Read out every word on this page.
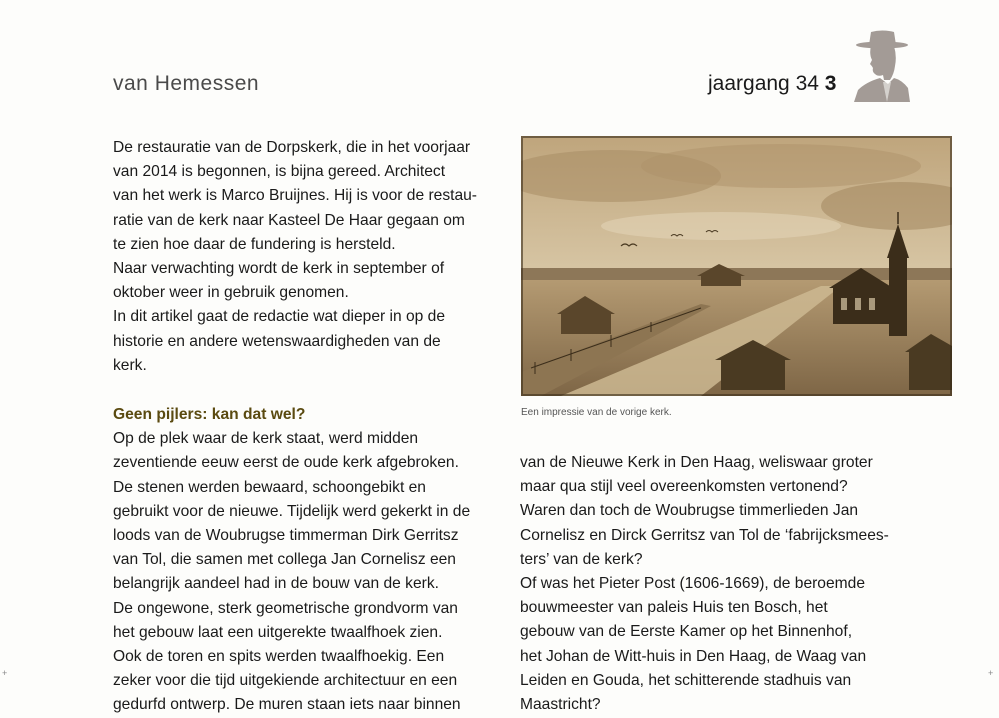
van Hemessen	jaargang 34 3

De restauratie van de Dorpskerk, die in het voorjaar

van 2014 is begonnen, is bijna gereed. Architect

van het werk is Marco Bruijnes. Hij is voor de restau-

ratie van de kerk naar Kasteel De Haar gegaan om

te zien hoe daar de fundering is hersteld.

Naar verwachting wordt de kerk in september of

oktober weer in gebruik genomen.

In dit artikel gaat de redactie wat dieper in op de

historie en andere wetenswaardigheden van de

kerk.

Geen pijlers: kan dat wel?

Op de plek waar de kerk staat, werd midden

zeventiende eeuw eerst de oude kerk afgebroken.

De stenen werden bewaard, schoongebikt en

gebruikt voor de nieuwe. Tijdelijk werd gekerkt in de

loods van de Woubrugse timmerman Dirk Gerritsz

van Tol, die samen met collega Jan Cornelisz een

belangrijk aandeel had in de bouw van de kerk.

De ongewone, sterk geometrische grondvorm van

het gebouw laat een uitgerekte twaalfhoek zien.

Ook de toren en spits werden twaalfhoekig. Een

zeker voor die tijd uitgekiende architectuur en een

gedurfd ontwerp. De muren staan iets naar binnen

Een impressie van de vorige kerk.

van de Nieuwe Kerk in Den Haag, weliswaar groter

maar qua stijl veel overeenkomsten vertonend?

Waren dan toch de Woubrugse timmerlieden Jan

Cornelisz en Dirck Gerritsz van Tol de ‘fabrijcksmees-

ters’ van de kerk?

Of was het Pieter Post (1606-1669), de beroemde

bouwmeester van paleis Huis ten Bosch, het

gebouw van de Eerste Kamer op het Binnenhof,

het Johan de Witt-huis in Den Haag, de Waag van

Leiden en Gouda, het schitterende stadhuis van

Maastricht?

+	+
